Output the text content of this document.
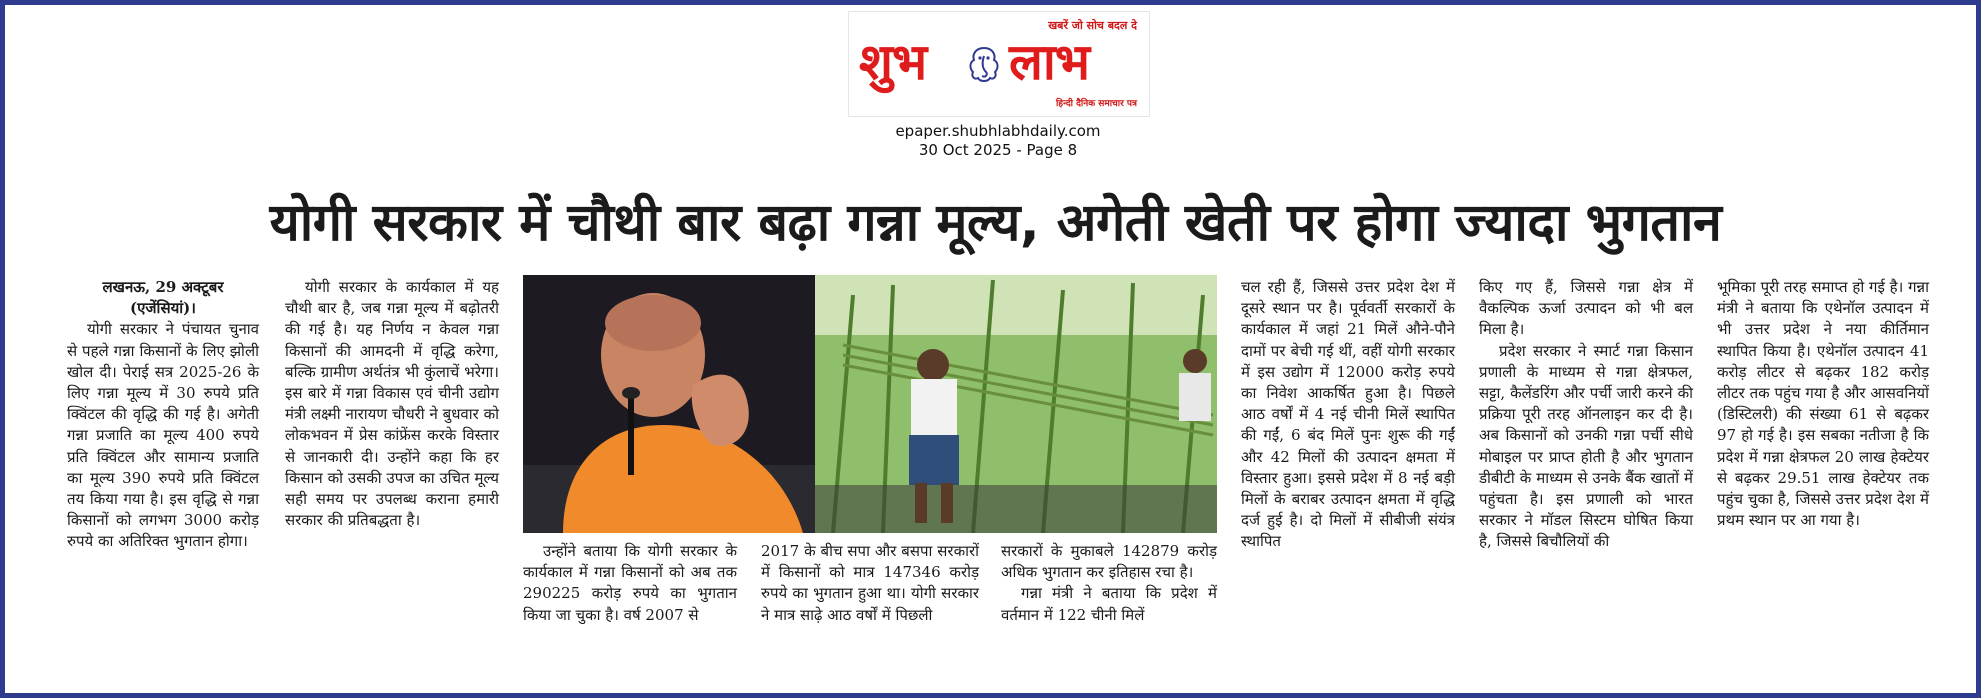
खबरें जो सोच बदल दे
शुभ लाभ
हिन्दी दैनिक समाचार पत्र
epaper.shubhlabhdaily.com
30 Oct 2025 - Page 8
योगी सरकार में चौथी बार बढ़ा गन्ना मूल्य, अगेती खेती पर होगा ज्यादा भुगतान

लखनऊ, 29 अक्टूबर (एजेंसियां)।

योगी सरकार ने पंचायत चुनाव से पहले गन्ना किसानों के लिए झोली खोल दी। पेराई सत्र 2025-26 के लिए गन्ना मूल्य में 30 रुपये प्रति क्विंटल की वृद्धि की गई है। अगेती गन्ना प्रजाति का मूल्य 400 रुपये प्रति क्विंटल और सामान्य प्रजाति का मूल्य 390 रुपये प्रति क्विंटल तय किया गया है। इस वृद्धि से गन्ना किसानों को लगभग 3000 करोड़ रुपये का अतिरिक्त भुगतान होगा।

योगी सरकार के कार्यकाल में यह चौथी बार है, जब गन्ना मूल्य में बढ़ोतरी की गई है। यह निर्णय न केवल गन्ना किसानों की आमदनी में वृद्धि करेगा, बल्कि ग्रामीण अर्थतंत्र भी कुंलाचें भरेगा। इस बारे में गन्ना विकास एवं चीनी उद्योग मंत्री लक्ष्मी नारायण चौधरी ने बुधवार को लोकभवन में प्रेस कांफ्रेंस करके विस्तार से जानकारी दी। उन्होंने कहा कि हर किसान को उसकी उपज का उचित मूल्य सही समय पर उपलब्ध कराना हमारी सरकार की प्रतिबद्धता है।

उन्होंने बताया कि योगी सरकार के कार्यकाल में गन्ना किसानों को अब तक 290225 करोड़ रुपये का भुगतान किया जा चुका है। वर्ष 2007 से

2017 के बीच सपा और बसपा सरकारों में किसानों को मात्र 147346 करोड़ रुपये का भुगतान हुआ था। योगी सरकार ने मात्र साढ़े आठ वर्षों में पिछली

सरकारों के मुकाबले 142879 करोड़ अधिक भुगतान कर इतिहास रचा है।

गन्ना मंत्री ने बताया कि प्रदेश में वर्तमान में 122 चीनी मिलें

चल रही हैं, जिससे उत्तर प्रदेश देश में दूसरे स्थान पर है। पूर्ववर्ती सरकारों के कार्यकाल में जहां 21 मिलें औने-पौने दामों पर बेची गई थीं, वहीं योगी सरकार में इस उद्योग में 12000 करोड़ रुपये का निवेश आकर्षित हुआ है। पिछले आठ वर्षों में 4 नई चीनी मिलें स्थापित की गईं, 6 बंद मिलें पुनः शुरू की गईं और 42 मिलों की उत्पादन क्षमता में विस्तार हुआ। इससे प्रदेश में 8 नई बड़ी मिलों के बराबर उत्पादन क्षमता में वृद्धि दर्ज हुई है। दो मिलों में सीबीजी संयंत्र स्थापित

किए गए हैं, जिससे गन्ना क्षेत्र में वैकल्पिक ऊर्जा उत्पादन को भी बल मिला है।

प्रदेश सरकार ने स्मार्ट गन्ना किसान प्रणाली के माध्यम से गन्ना क्षेत्रफल, सट्टा, कैलेंडरिंग और पर्ची जारी करने की प्रक्रिया पूरी तरह ऑनलाइन कर दी है। अब किसानों को उनकी गन्ना पर्ची सीधे मोबाइल पर प्राप्त होती है और भुगतान डीबीटी के माध्यम से उनके बैंक खातों में पहुंचता है। इस प्रणाली को भारत सरकार ने मॉडल सिस्टम घोषित किया है, जिससे बिचौलियों की

भूमिका पूरी तरह समाप्त हो गई है। गन्ना मंत्री ने बताया कि एथेनॉल उत्पादन में भी उत्तर प्रदेश ने नया कीर्तिमान स्थापित किया है। एथेनॉल उत्पादन 41 करोड़ लीटर से बढ़कर 182 करोड़ लीटर तक पहुंच गया है और आसवनियों (डिस्टिलरी) की संख्या 61 से बढ़कर 97 हो गई है। इस सबका नतीजा है कि प्रदेश में गन्ना क्षेत्रफल 20 लाख हेक्टेयर से बढ़कर 29.51 लाख हेक्टेयर तक पहुंच चुका है, जिससे उत्तर प्रदेश देश में प्रथम स्थान पर आ गया है।
